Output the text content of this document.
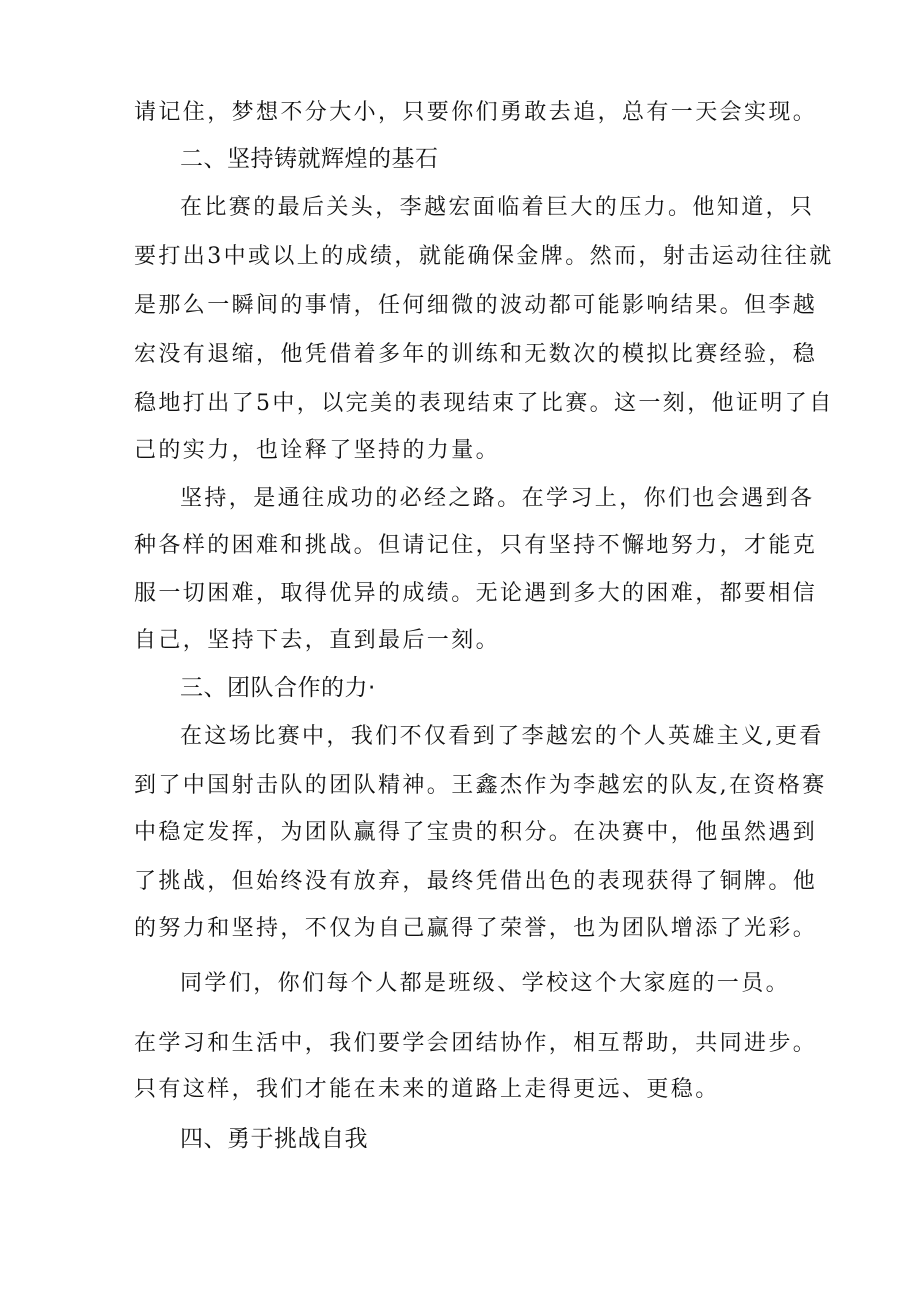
请记住，梦想不分大小，只要你们勇敢去追，总有一天会实现。
二、坚持铸就辉煌的基石
在比赛的最后关头，李越宏面临着巨大的压力。他知道，只
要打出3中或以上的成绩，就能确保金牌。然而，射击运动往往就
是那么一瞬间的事情，任何细微的波动都可能影响结果。但李越
宏没有退缩，他凭借着多年的训练和无数次的模拟比赛经验，稳
稳地打出了5中，以完美的表现结束了比赛。这一刻，他证明了自
己的实力，也诠释了坚持的力量。
坚持，是通往成功的必经之路。在学习上，你们也会遇到各
种各样的困难和挑战。但请记住，只有坚持不懈地努力，才能克
服一切困难，取得优异的成绩。无论遇到多大的困难，都要相信
自己，坚持下去，直到最后一刻。
三、团队合作的力·
在这场比赛中，我们不仅看到了李越宏的个人英雄主义,更看
到了中国射击队的团队精神。王鑫杰作为李越宏的队友,在资格赛
中稳定发挥，为团队赢得了宝贵的积分。在决赛中，他虽然遇到
了挑战，但始终没有放弃，最终凭借出色的表现获得了铜牌。他
的努力和坚持，不仅为自己赢得了荣誉，也为团队增添了光彩。
同学们，你们每个人都是班级、学校这个大家庭的一员。
在学习和生活中，我们要学会团结协作，相互帮助，共同进步。
只有这样，我们才能在未来的道路上走得更远、更稳。
四、勇于挑战自我
